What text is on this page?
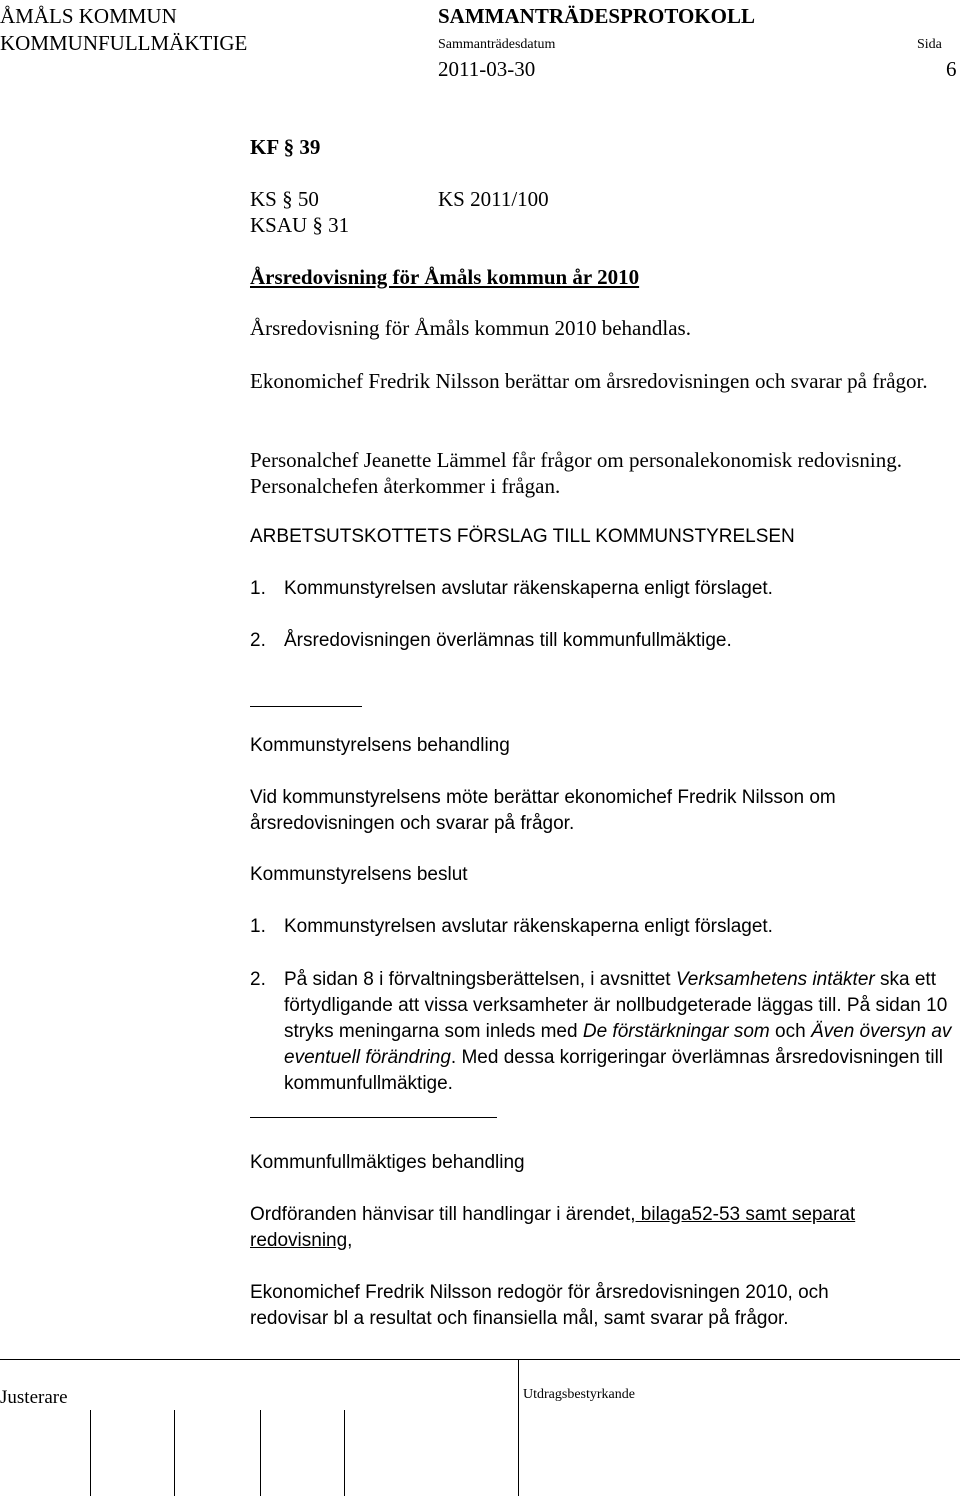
ÅMÅLS KOMMUN
KOMMUNFULLMÄKTIGE
SAMMANTRÄDESPROTOKOLL
Sammanträdesdatum	Sida
2011-03-30	6
KF § 39
KS § 50	KS 2011/100
KSAU § 31
Årsredovisning för Åmåls kommun år 2010
Årsredovisning för Åmåls kommun 2010 behandlas.
Ekonomichef Fredrik Nilsson berättar om årsredovisningen och svarar på frågor.
Personalchef Jeanette Lämmel får frågor om personalekonomisk redovisning. Personalchefen återkommer i frågan.
ARBETSUTSKOTTETS FÖRSLAG TILL KOMMUNSTYRELSEN
1. Kommunstyrelsen avslutar räkenskaperna enligt förslaget.
2. Årsredovisningen överlämnas till kommunfullmäktige.
Kommunstyrelsens behandling
Vid kommunstyrelsens möte berättar ekonomichef Fredrik Nilsson om årsredovisningen och svarar på frågor.
Kommunstyrelsens beslut
1. Kommunstyrelsen avslutar räkenskaperna enligt förslaget.
2. På sidan 8 i förvaltningsberättelsen, i avsnittet Verksamhetens intäkter ska ett förtydligande att vissa verksamheter är nollbudgeterade läggas till. På sidan 10 stryks meningarna som inleds med De förstärkningar som och Även översyn av eventuell förändring. Med dessa korrigeringar överlämnas årsredovisningen till kommunfullmäktige.
Kommunfullmäktiges behandling
Ordföranden hänvisar till handlingar i ärendet, bilaga52-53 samt separat redovisning,
Ekonomichef Fredrik Nilsson redogör för årsredovisningen 2010, och redovisar bl a resultat och finansiella mål, samt svarar på frågor.
Justerare	Utdragsbestyrkande
